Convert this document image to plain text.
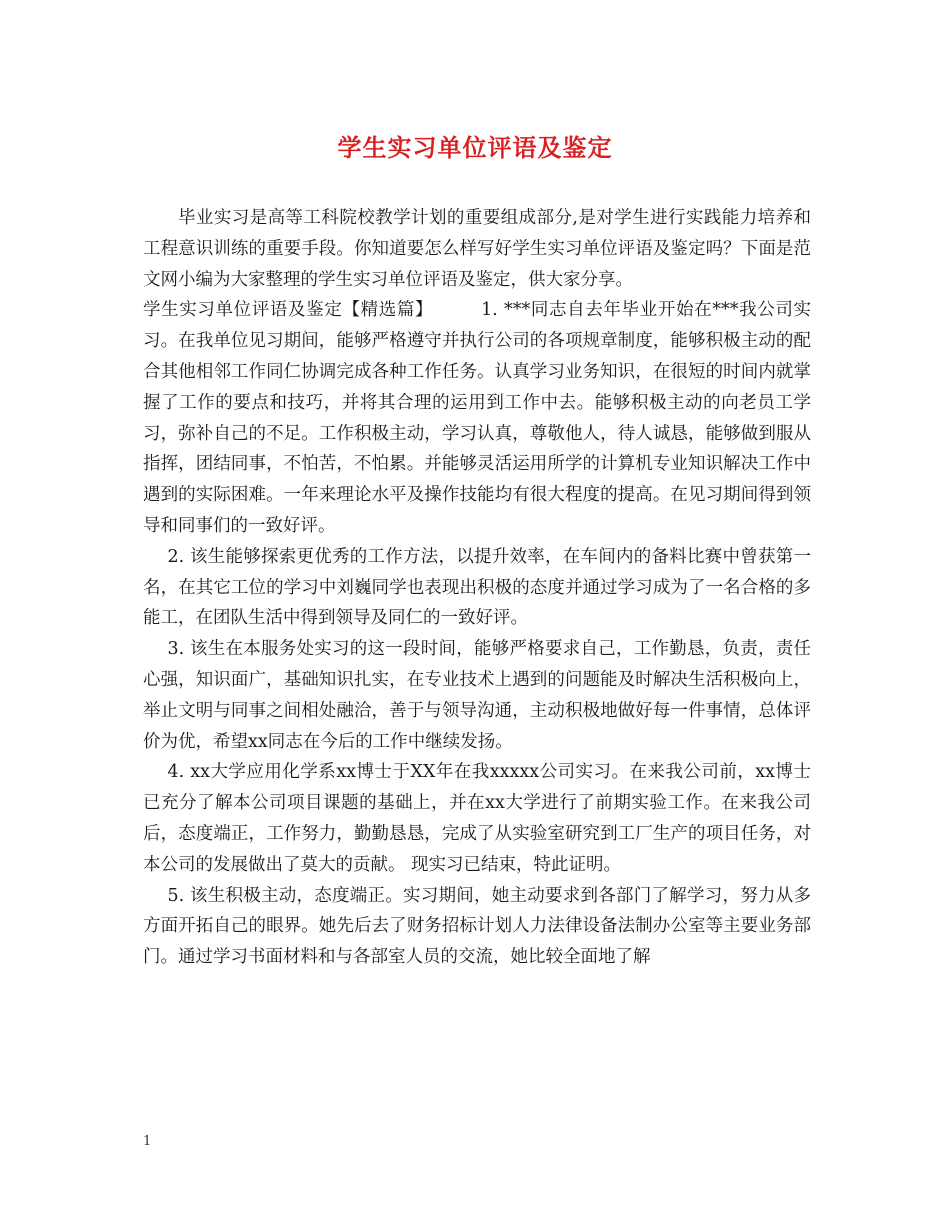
学生实习单位评语及鉴定

毕业实习是高等工科院校教学计划的重要组成部分,是对学生进行实践能力培养和工程意识训练的重要手段。你知道要怎么样写好学生实习单位评语及鉴定吗？下面是范文网小编为大家整理的学生实习单位评语及鉴定，供大家分享。

学生实习单位评语及鉴定【精选篇】	1. ***同志自去年毕业开始在***我公司实习。在我单位见习期间，能够严格遵守并执行公司的各项规章制度，能够积极主动的配合其他相邻工作同仁协调完成各种工作任务。认真学习业务知识，在很短的时间内就掌握了工作的要点和技巧，并将其合理的运用到工作中去。能够积极主动的向老员工学习，弥补自己的不足。工作积极主动，学习认真，尊敬他人，待人诚恳，能够做到服从指挥，团结同事，不怕苦，不怕累。并能够灵活运用所学的计算机专业知识解决工作中遇到的实际困难。一年来理论水平及操作技能均有很大程度的提高。在见习期间得到领导和同事们的一致好评。

2. 该生能够探索更优秀的工作方法，以提升效率，在车间内的备料比赛中曾获第一名，在其它工位的学习中刘巍同学也表现出积极的态度并通过学习成为了一名合格的多能工，在团队生活中得到领导及同仁的一致好评。

3. 该生在本服务处实习的这一段时间，能够严格要求自己，工作勤恳，负责，责任心强，知识面广，基础知识扎实，在专业技术上遇到的问题能及时解决生活积极向上，举止文明与同事之间相处融洽，善于与领导沟通，主动积极地做好每一件事情，总体评价为优，希望xx同志在今后的工作中继续发扬。

4. xx大学应用化学系xx博士于XX年在我xxxxx公司实习。在来我公司前，xx博士已充分了解本公司项目课题的基础上，并在xx大学进行了前期实验工作。在来我公司后，态度端正，工作努力，勤勤恳恳，完成了从实验室研究到工厂生产的项目任务，对本公司的发展做出了莫大的贡献。 现实习已结束，特此证明。

5. 该生积极主动，态度端正。实习期间，她主动要求到各部门了解学习，努力从多方面开拓自己的眼界。她先后去了财务招标计划人力法律设备法制办公室等主要业务部门。通过学习书面材料和与各部室人员的交流，她比较全面地了解

1
